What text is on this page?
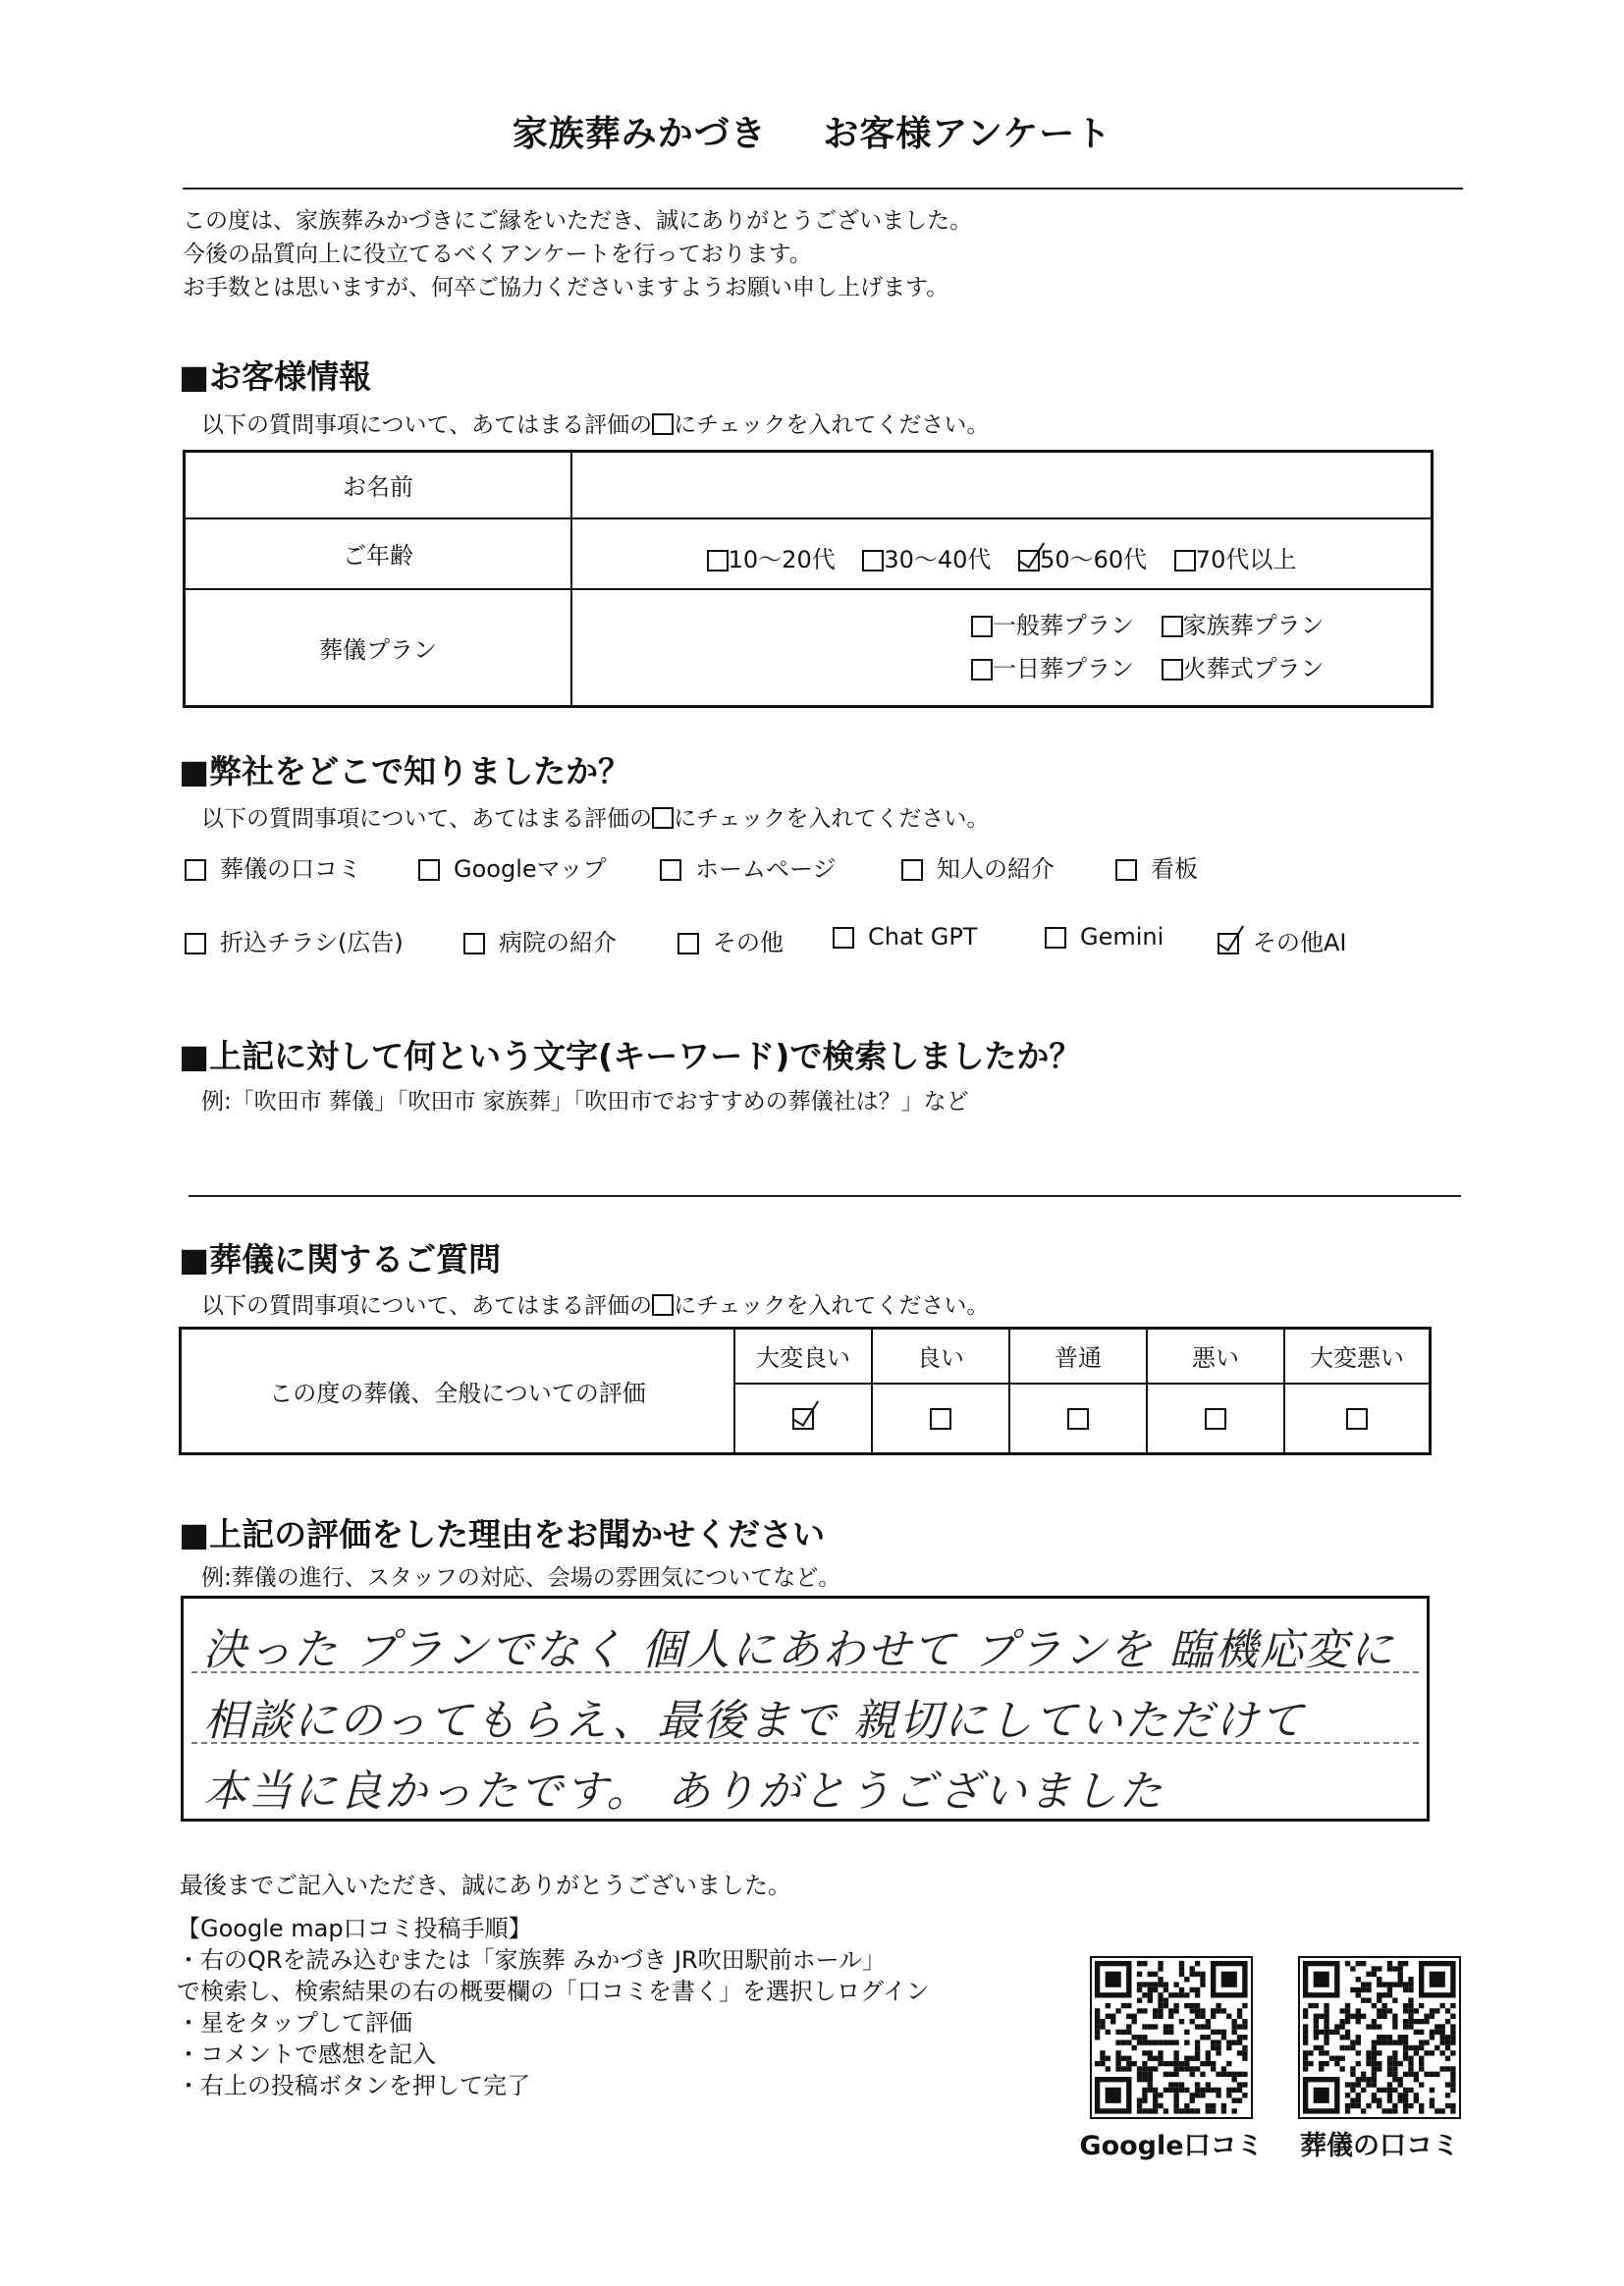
家族葬みかづき お客様アンケート
この度は、家族葬みかづきにご縁をいただき、誠にありがとうございました。
今後の品質向上に役立てるべくアンケートを行っております。
お手数とは思いますが、何卒ご協力くださいますようお願い申し上げます。
■お客様情報
以下の質問事項について、あてはまる評価の にチェックを入れてください。
お名前	
ご年齢	10～20代 30～40代 50～60代 70代以上
葬儀プラン	一般葬プラン 家族葬プラン
一日葬プラン 火葬式プラン
■弊社をどこで知りましたか？
以下の質問事項について、あてはまる評価の にチェックを入れてください。
葬儀の口コミ	Googleマップ	ホームページ	知人の紹介	看板
折込チラシ(広告)	病院の紹介	その他	Chat GPT	Gemini	その他AI
■上記に対して何という文字(キーワード)で検索しましたか？
例:「吹田市 葬儀」「吹田市 家族葬」「吹田市でおすすめの葬儀社は？」など
■葬儀に関するご質問
以下の質問事項について、あてはまる評価の にチェックを入れてください。
この度の葬儀、全般についての評価	大変良い	良い	普通	悪い	大変悪い

■上記の評価をした理由をお聞かせください
例:葬儀の進行、スタッフの対応、会場の雰囲気についてなど。
決った プランでなく 個人にあわせて プランを 臨機応変に
相談にのってもらえ、最後まで 親切にしていただけて
本当に良かったです。 ありがとうございました
最後までご記入いただき、誠にありがとうございました。
【Google map口コミ投稿手順】
・右のQRを読み込むまたは「家族葬 みかづき JR吹田駅前ホール」
で検索し、検索結果の右の概要欄の「口コミを書く」を選択しログイン
・星をタップして評価
・コメントで感想を記入
・右上の投稿ボタンを押して完了
Google口コミ	葬儀の口コミ
